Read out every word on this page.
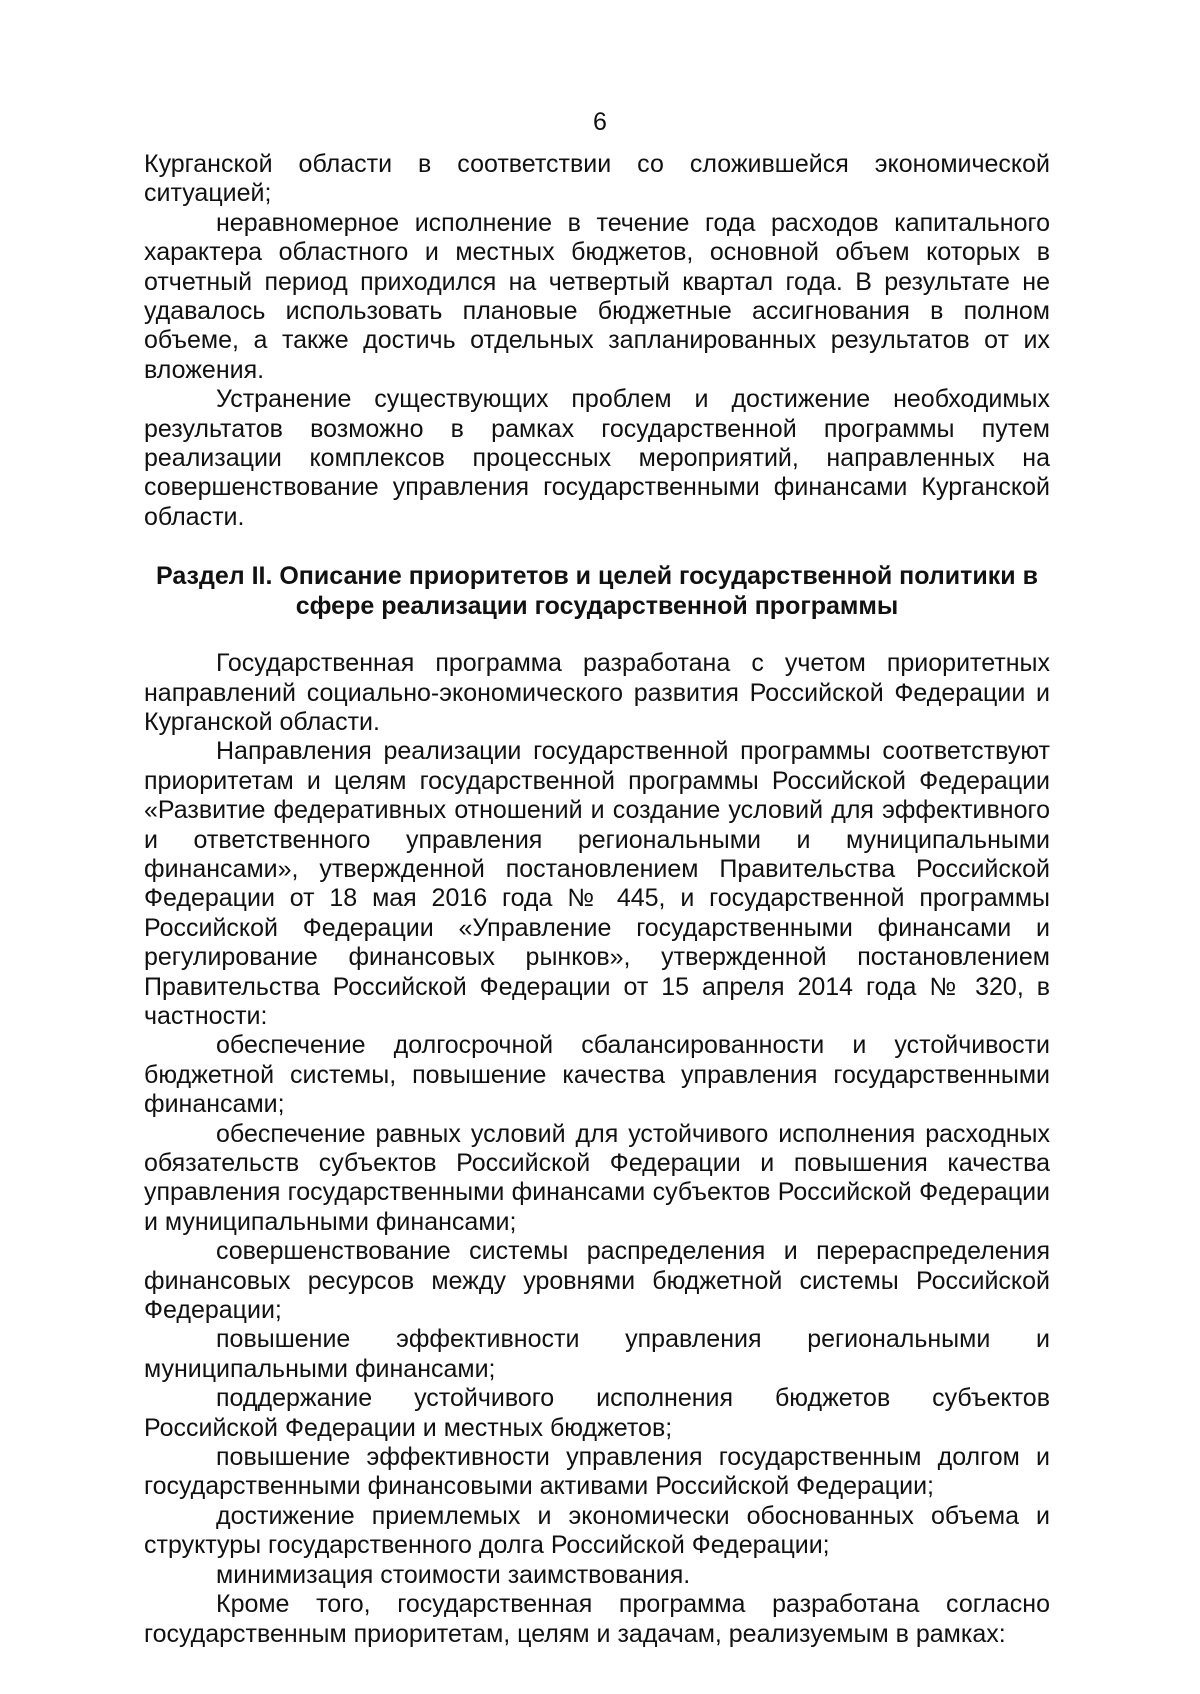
6

Курганской области в соответствии со сложившейся экономической ситуацией;

неравномерное исполнение в течение года расходов капитального характера областного и местных бюджетов, основной объем которых в отчетный период приходился на четвертый квартал года. В результате не удавалось использовать плановые бюджетные ассигнования в полном объеме, а также достичь отдельных запланированных результатов от их вложения.

Устранение существующих проблем и достижение необходимых результатов возможно в рамках государственной программы путем реализации комплексов процессных мероприятий, направленных на совершенствование управления государственными финансами Курганской области.

Раздел II. Описание приоритетов и целей государственной политики в
сфере реализации государственной программы

Государственная программа разработана с учетом приоритетных направлений социально-экономического развития Российской Федерации и Курганской области.

Направления реализации государственной программы соответствуют приоритетам и целям государственной программы Российской Федерации «Развитие федеративных отношений и создание условий для эффективного и ответственного управления региональными и муниципальными финансами», утвержденной постановлением Правительства Российской Федерации от 18 мая 2016 года № 445, и государственной программы Российской Федерации «Управление государственными финансами и регулирование финансовых рынков», утвержденной постановлением Правительства Российской Федерации от 15 апреля 2014 года № 320, в частности:

обеспечение долгосрочной сбалансированности и устойчивости бюджетной системы, повышение качества управления государственными финансами;

обеспечение равных условий для устойчивого исполнения расходных обязательств субъектов Российской Федерации и повышения качества управления государственными финансами субъектов Российской Федерации и муниципальными финансами;

совершенствование системы распределения и перераспределения финансовых ресурсов между уровнями бюджетной системы Российской Федерации;

повышение эффективности управления региональными и муниципальными финансами;

поддержание устойчивого исполнения бюджетов субъектов Российской Федерации и местных бюджетов;

повышение эффективности управления государственным долгом и государственными финансовыми активами Российской Федерации;

достижение приемлемых и экономически обоснованных объема и структуры государственного долга Российской Федерации;

минимизация стоимости заимствования.

Кроме того, государственная программа разработана согласно государственным приоритетам, целям и задачам, реализуемым в рамках:
